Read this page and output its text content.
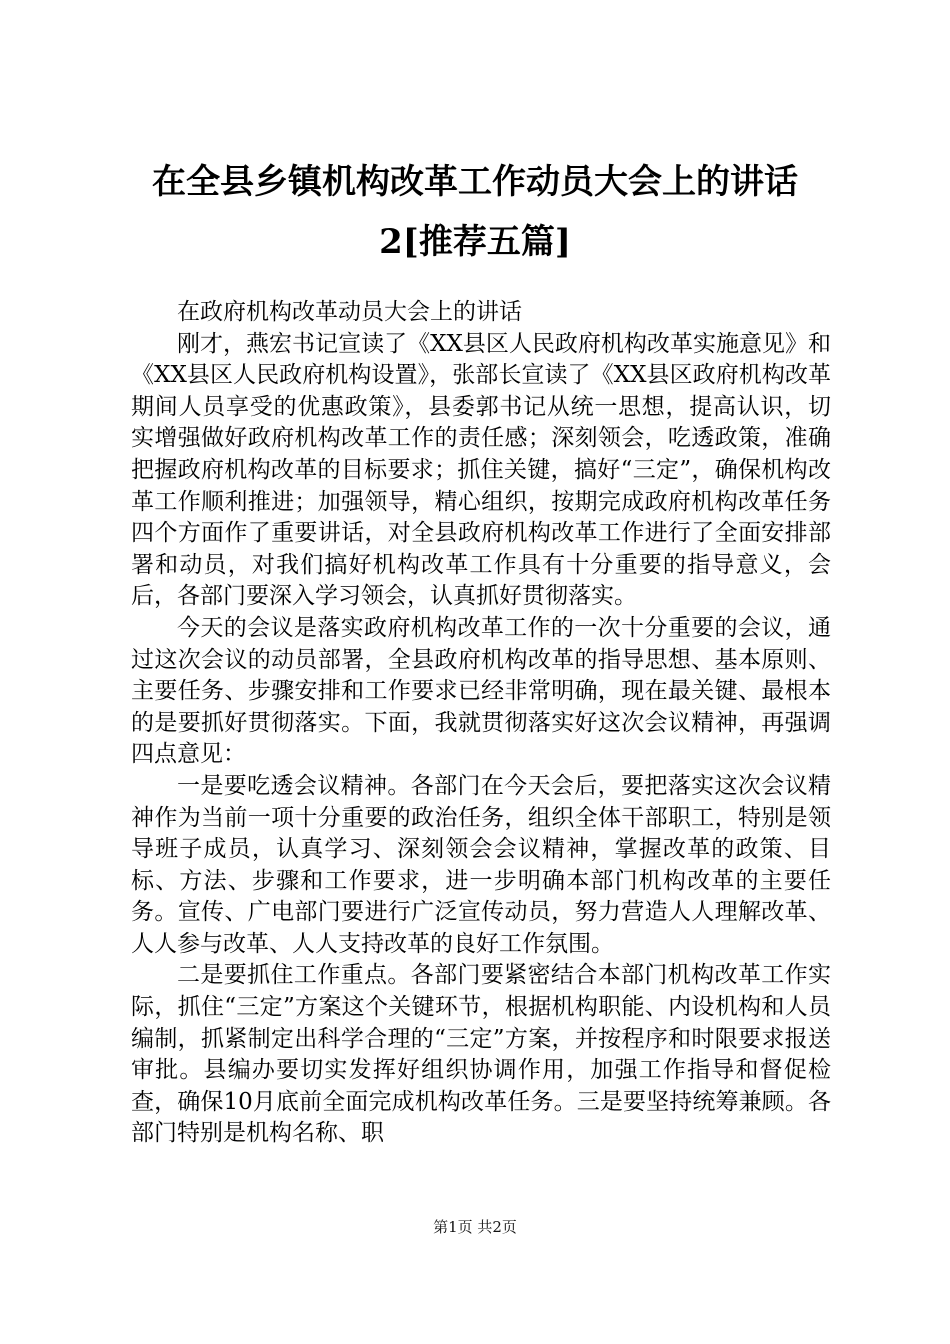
在全县乡镇机构改革工作动员大会上的讲话
2[推荐五篇]

在政府机构改革动员大会上的讲话

刚才，燕宏书记宣读了《XX县区人民政府机构改革实施意见》和《XX县区人民政府机构设置》，张部长宣读了《XX县区政府机构改革期间人员享受的优惠政策》，县委郭书记从统一思想，提高认识，切实增强做好政府机构改革工作的责任感；深刻领会，吃透政策，准确把握政府机构改革的目标要求；抓住关键，搞好“三定”，确保机构改革工作顺利推进；加强领导，精心组织，按期完成政府机构改革任务四个方面作了重要讲话，对全县政府机构改革工作进行了全面安排部署和动员，对我们搞好机构改革工作具有十分重要的指导意义，会后，各部门要深入学习领会，认真抓好贯彻落实。

今天的会议是落实政府机构改革工作的一次十分重要的会议，通过这次会议的动员部署，全县政府机构改革的指导思想、基本原则、主要任务、步骤安排和工作要求已经非常明确，现在最关键、最根本的是要抓好贯彻落实。下面，我就贯彻落实好这次会议精神，再强调四点意见：

一是要吃透会议精神。各部门在今天会后，要把落实这次会议精神作为当前一项十分重要的政治任务，组织全体干部职工，特别是领导班子成员，认真学习、深刻领会会议精神，掌握改革的政策、目标、方法、步骤和工作要求，进一步明确本部门机构改革的主要任务。宣传、广电部门要进行广泛宣传动员，努力营造人人理解改革、人人参与改革、人人支持改革的良好工作氛围。

二是要抓住工作重点。各部门要紧密结合本部门机构改革工作实际，抓住“三定”方案这个关键环节，根据机构职能、内设机构和人员编制，抓紧制定出科学合理的“三定”方案，并按程序和时限要求报送审批。县编办要切实发挥好组织协调作用，加强工作指导和督促检查，确保10月底前全面完成机构改革任务。三是要坚持统筹兼顾。各部门特别是机构名称、职

第1页 共2页
